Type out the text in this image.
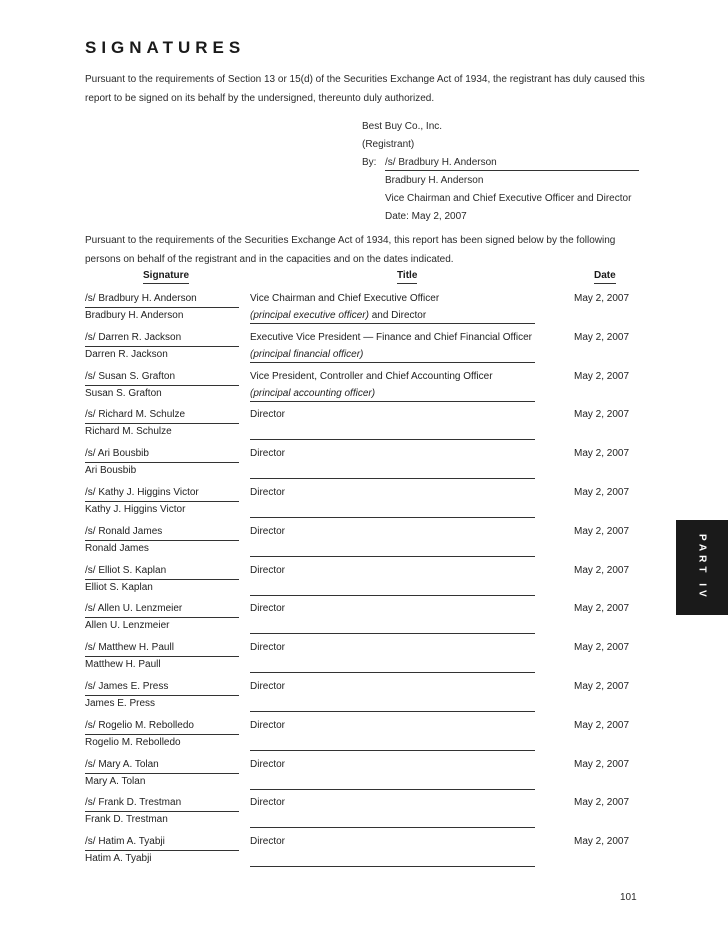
SIGNATURES
Pursuant to the requirements of Section 13 or 15(d) of the Securities Exchange Act of 1934, the registrant has duly caused this report to be signed on its behalf by the undersigned, thereunto duly authorized.
Best Buy Co., Inc.
(Registrant)
By: /s/ Bradbury H. Anderson
Bradbury H. Anderson
Vice Chairman and Chief Executive Officer and Director
Date: May 2, 2007
Pursuant to the requirements of the Securities Exchange Act of 1934, this report has been signed below by the following persons on behalf of the registrant and in the capacities and on the dates indicated.
Signature	Title	Date
/s/ Bradbury H. Anderson
Bradbury H. Anderson
Vice Chairman and Chief Executive Officer
(principal executive officer) and Director
May 2, 2007
/s/ Darren R. Jackson
Darren R. Jackson
Executive Vice President — Finance and Chief Financial Officer
(principal financial officer)
May 2, 2007
/s/ Susan S. Grafton
Susan S. Grafton
Vice President, Controller and Chief Accounting Officer
(principal accounting officer)
May 2, 2007
/s/ Richard M. Schulze
Richard M. Schulze
Director	May 2, 2007
/s/ Ari Bousbib
Ari Bousbib
Director	May 2, 2007
/s/ Kathy J. Higgins Victor
Kathy J. Higgins Victor
Director	May 2, 2007
/s/ Ronald James
Ronald James
Director	May 2, 2007
/s/ Elliot S. Kaplan
Elliot S. Kaplan
Director	May 2, 2007
/s/ Allen U. Lenzmeier
Allen U. Lenzmeier
Director	May 2, 2007
/s/ Matthew H. Paull
Matthew H. Paull
Director	May 2, 2007
/s/ James E. Press
James E. Press
Director	May 2, 2007
/s/ Rogelio M. Rebolledo
Rogelio M. Rebolledo
Director	May 2, 2007
/s/ Mary A. Tolan
Mary A. Tolan
Director	May 2, 2007
/s/ Frank D. Trestman
Frank D. Trestman
Director	May 2, 2007
/s/ Hatim A. Tyabji
Hatim A. Tyabji
Director	May 2, 2007
PART IV
101
